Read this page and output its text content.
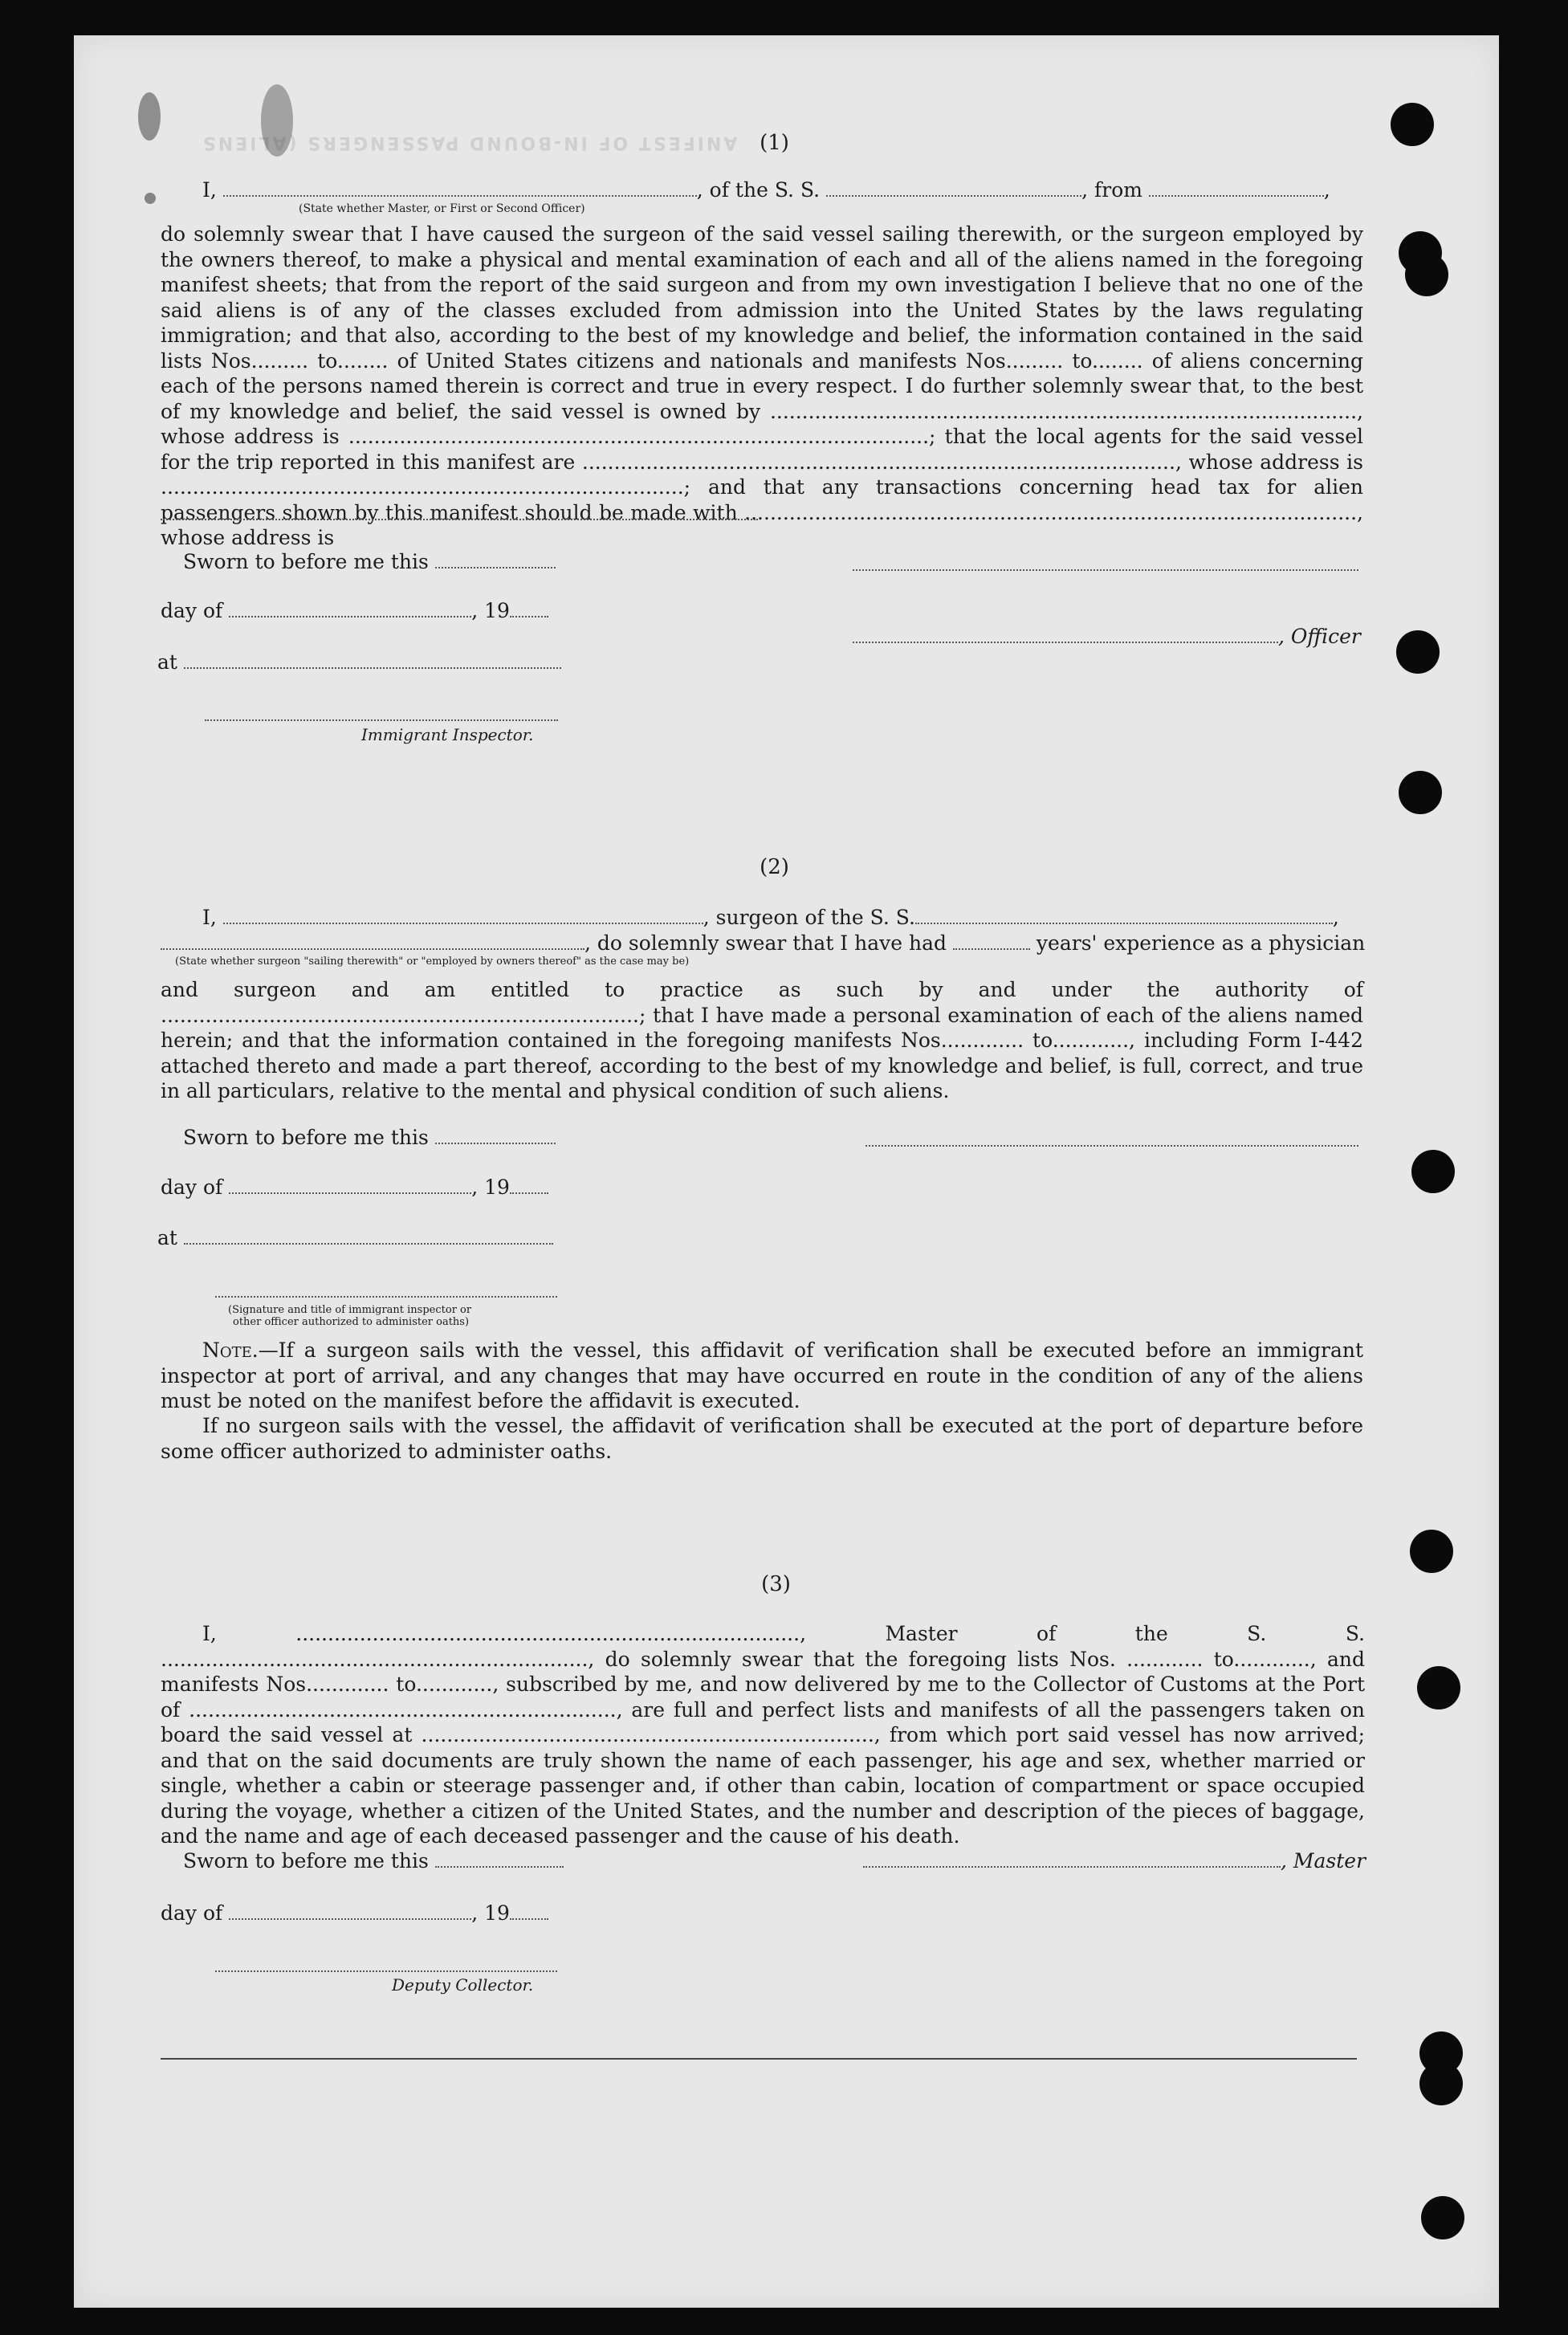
ANIFEST OF IN-BOUND PASSENGERS (ALIENS	(1)
I,	, of the S. S.	, from	,
(State whether Master, or First or Second Officer)

do solemnly swear that I have caused the surgeon of the said vessel sailing therewith, or the surgeon employed by the owners thereof, to make a physical and mental examination of each and all of the aliens named in the foregoing manifest sheets; that from the report of the said surgeon and from my own investigation I believe that no one of the said aliens is of any of the classes excluded from admission into the United States by the laws regulating immigration; and that also, according to the best of my knowledge and belief, the information contained in the said lists Nos......... to........ of United States citizens and nationals and manifests Nos......... to........ of aliens concerning each of the persons named therein is correct and true in every respect. I do further solemnly swear that, to the best of my knowledge and belief, the said vessel is owned by ............................................................................................, whose address is ...........................................................................................; that the local agents for the said vessel for the trip reported in this manifest are ............................................................................................., whose address is ..................................................................................; and that any transactions concerning head tax for alien passengers shown by this manifest should be made with ................................................................................................, whose address is

Sworn to before me this
day of	, 19
, Officer
at
Immigrant Inspector.
(2)
I,	, surgeon of the S. S.	,
, do solemnly swear that I have had	years' experience as a physician
(State whether surgeon "sailing therewith" or "employed by owners thereof" as the case may be)

and surgeon and am entitled to practice as such by and under the authority of ...........................................................................; that I have made a personal examination of each of the aliens named herein; and that the information contained in the foregoing manifests Nos............. to............, including Form I-442 attached thereto and made a part thereof, according to the best of my knowledge and belief, is full, correct, and true in all particulars, relative to the mental and physical condition of such aliens.

Sworn to before me this
day of	, 19
at
(Signature and title of immigrant inspector or
other officer authorized to administer oaths)

Note.—If a surgeon sails with the vessel, this affidavit of verification shall be executed before an immigrant inspector at port of arrival, and any changes that may have occurred en route in the condition of any of the aliens must be noted on the manifest before the affidavit is executed.

If no surgeon sails with the vessel, the affidavit of verification shall be executed at the port of departure before some officer authorized to administer oaths.

(3)

I, ..............................................................................., Master of the S. S. ..................................................................., do solemnly swear that the foregoing lists Nos. ............ to............, and manifests Nos............. to............, subscribed by me, and now delivered by me to the Collector of Customs at the Port of ..................................................................., are full and perfect lists and manifests of all the passengers taken on board the said vessel at ......................................................................., from which port said vessel has now arrived; and that on the said documents are truly shown the name of each passenger, his age and sex, whether married or single, whether a cabin or steerage passenger and, if other than cabin, location of compartment or space occupied during the voyage, whether a citizen of the United States, and the number and description of the pieces of baggage, and the name and age of each deceased passenger and the cause of his death.

Sworn to before me this	, Master
day of	, 19
Deputy Collector.
